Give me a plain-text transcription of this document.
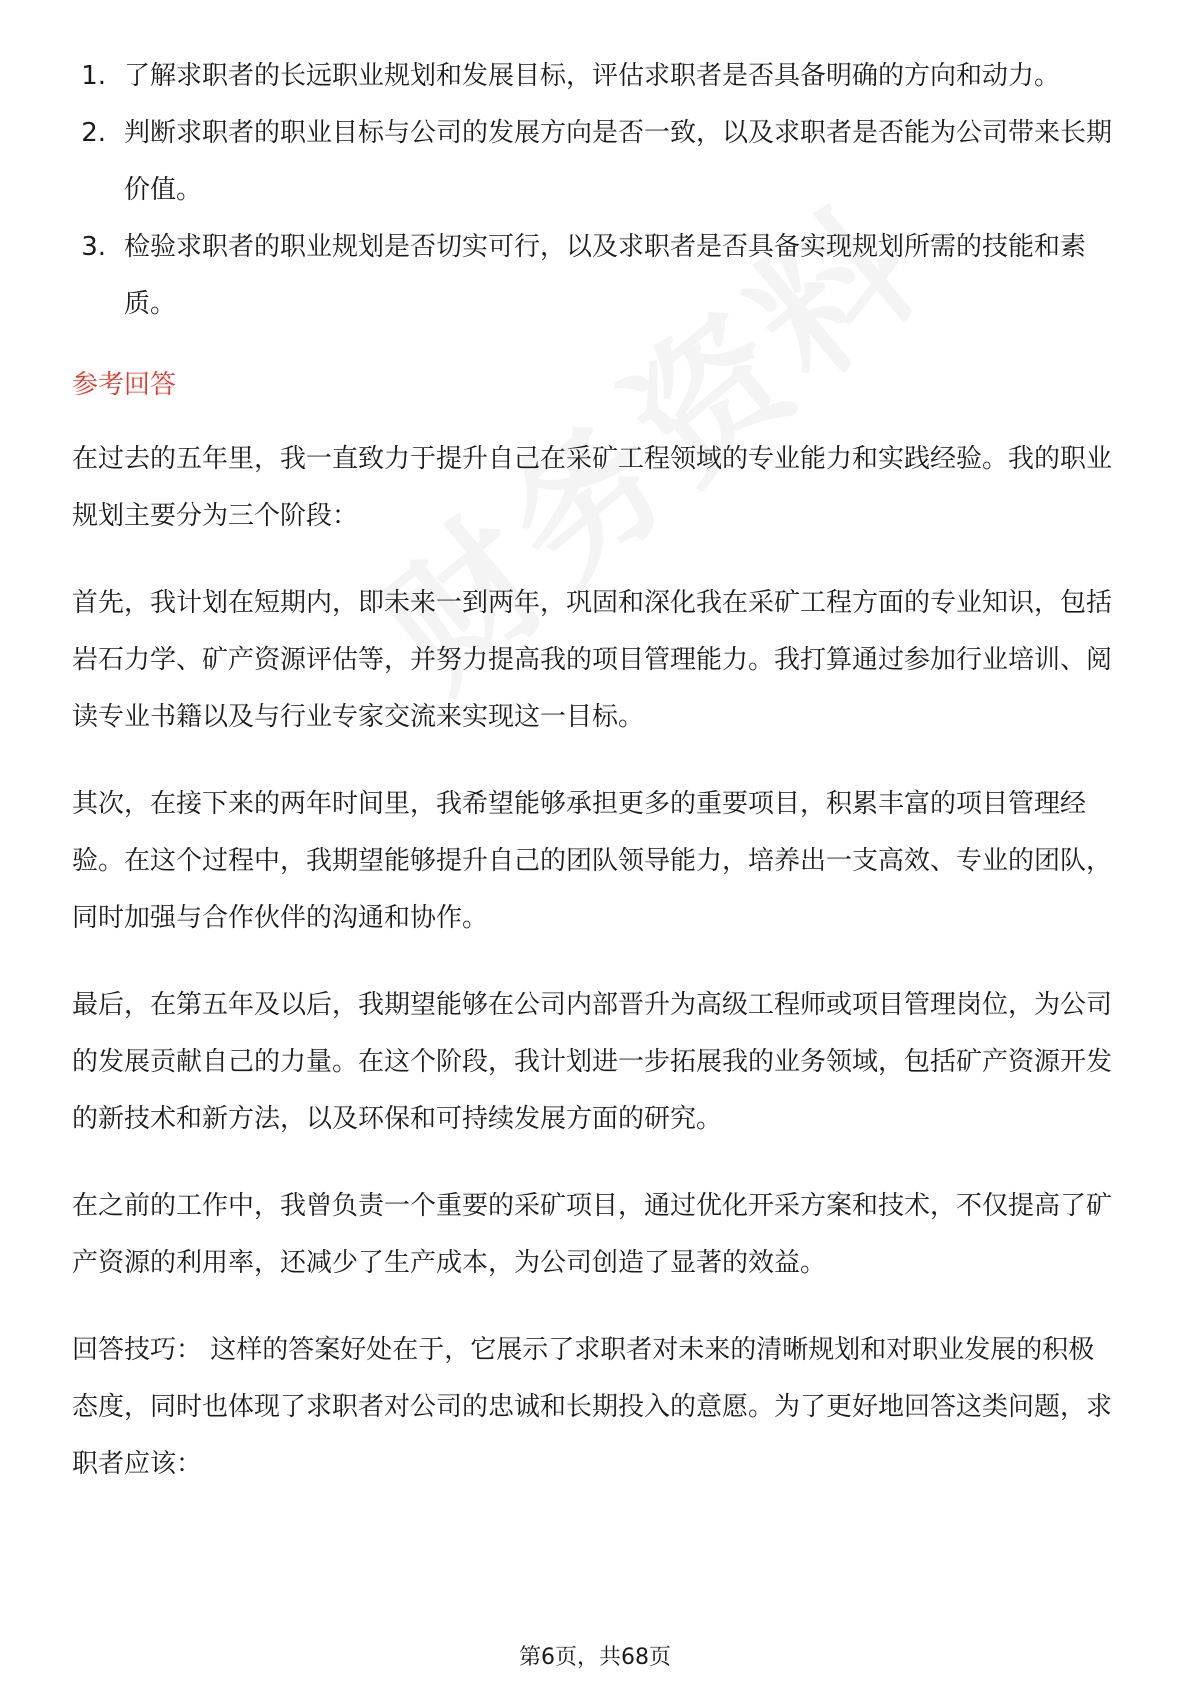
1. 了解求职者的长远职业规划和发展目标，评估求职者是否具备明确的方向和动力。
2. 判断求职者的职业目标与公司的发展方向是否一致，以及求职者是否能为公司带来长期价值。
3. 检验求职者的职业规划是否切实可行，以及求职者是否具备实现规划所需的技能和素质。
参考回答

在过去的五年里，我一直致力于提升自己在采矿工程领域的专业能力和实践经验。我的职业规划主要分为三个阶段：

首先，我计划在短期内，即未来一到两年，巩固和深化我在采矿工程方面的专业知识，包括岩石力学、矿产资源评估等，并努力提高我的项目管理能力。我打算通过参加行业培训、阅读专业书籍以及与行业专家交流来实现这一目标。

其次，在接下来的两年时间里，我希望能够承担更多的重要项目，积累丰富的项目管理经验。在这个过程中，我期望能够提升自己的团队领导能力，培养出一支高效、专业的团队，同时加强与合作伙伴的沟通和协作。

最后，在第五年及以后，我期望能够在公司内部晋升为高级工程师或项目管理岗位，为公司的发展贡献自己的力量。在这个阶段，我计划进一步拓展我的业务领域，包括矿产资源开发的新技术和新方法，以及环保和可持续发展方面的研究。

在之前的工作中，我曾负责一个重要的采矿项目，通过优化开采方案和技术，不仅提高了矿产资源的利用率，还减少了生产成本，为公司创造了显著的效益。

回答技巧： 这样的答案好处在于，它展示了求职者对未来的清晰规划和对职业发展的积极态度，同时也体现了求职者对公司的忠诚和长期投入的意愿。为了更好地回答这类问题，求职者应该：

第6页，共68页
